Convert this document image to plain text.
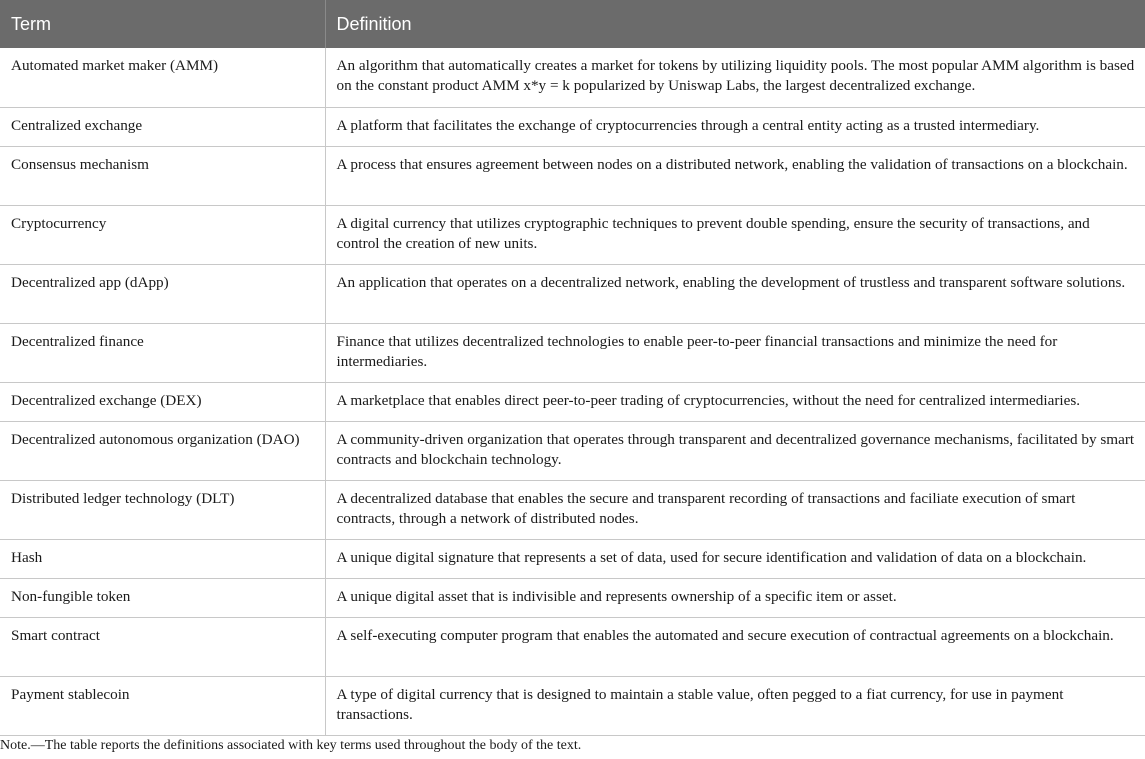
Term	Definition
Automated market maker (AMM)	An algorithm that automatically creates a market for tokens by utilizing liquidity pools. The most popular AMM algorithm is based on the constant product AMM x*y = k popularized by Uniswap Labs, the largest decentralized exchange.
Centralized exchange	A platform that facilitates the exchange of cryptocurrencies through a central entity acting as a trusted intermediary.
Consensus mechanism	A process that ensures agreement between nodes on a distributed network, enabling the validation of transactions on a blockchain.
Cryptocurrency	A digital currency that utilizes cryptographic techniques to prevent double spending, ensure the security of transactions, and control the creation of new units.
Decentralized app (dApp)	An application that operates on a decentralized network, enabling the development of trustless and transparent software solutions.
Decentralized finance	Finance that utilizes decentralized technologies to enable peer-to-peer financial transactions and minimize the need for intermediaries.
Decentralized exchange (DEX)	A marketplace that enables direct peer-to-peer trading of cryptocurrencies, without the need for centralized intermediaries.
Decentralized autonomous organization (DAO)	A community-driven organization that operates through transparent and decentralized governance mechanisms, facilitated by smart contracts and blockchain technology.
Distributed ledger technology (DLT)	A decentralized database that enables the secure and transparent recording of transactions and faciliate execution of smart contracts, through a network of distributed nodes.
Hash	A unique digital signature that represents a set of data, used for secure identification and validation of data on a blockchain.
Non-fungible token	A unique digital asset that is indivisible and represents ownership of a specific item or asset.
Smart contract	A self-executing computer program that enables the automated and secure execution of contractual agreements on a blockchain.
Payment stablecoin	A type of digital currency that is designed to maintain a stable value, often pegged to a fiat currency, for use in payment transactions.
Note.—The table reports the definitions associated with key terms used throughout the body of the text.
